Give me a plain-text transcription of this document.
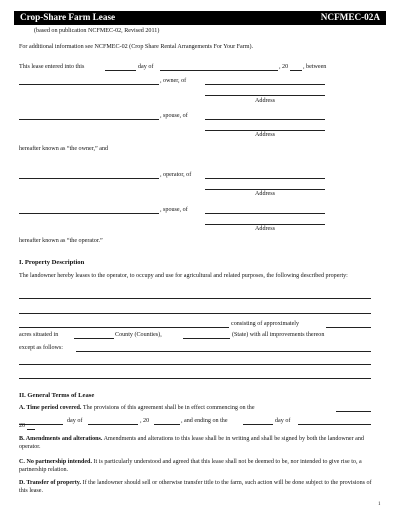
Crop-Share Farm Lease	NCFMEC-02A
(based on publication NCFMEC-02, Revised 2011)
For additional information see NCFMEC-02 (Crop Share Rental Arrangements For Your Farm).
This lease entered into this	day of	, 20 , between
, owner, of
Address
, spouse, of
Address
hereafter known as “the owner,” and
, operator, of
Address
, spouse, of
Address
hereafter known as “the operator.”
I. Property Description
The landowner hereby leases to the operator, to occupy and use for agricultural and related purposes, the following described property:
consisting of approximately
acres situated in	County (Counties),	(State) with all improvements thereon
except as follows:
II. General Terms of Lease
A. Time period covered. The provisions of this agreement shall be in effect commencing on the
day of	, 20	, and ending on the	day of
20
B. Amendments and alterations. Amendments and alterations to this lease shall be in writing and shall be signed by both the landowner and operator.
C. No partnership intended. It is particularly understood and agreed that this lease shall not be deemed to be, nor intended to give rise to, a partnership relation.
D. Transfer of property. If the landowner should sell or otherwise transfer title to the farm, such action will be done subject to the provisions of this lease.
1
